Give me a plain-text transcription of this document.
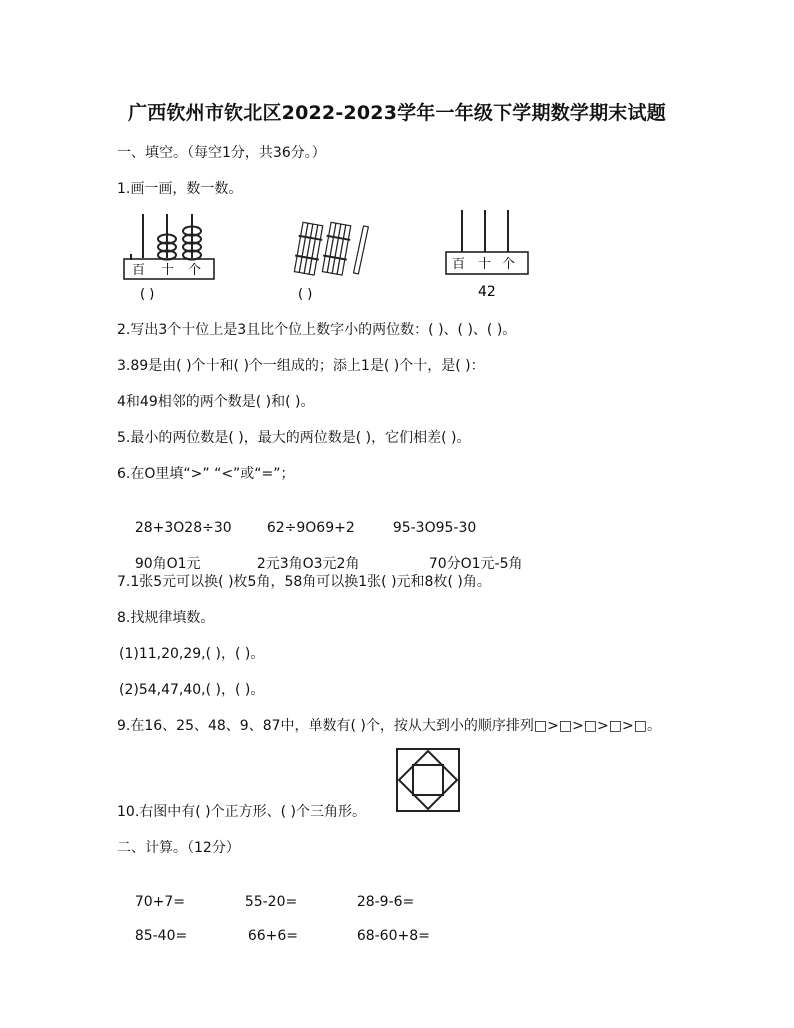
广西钦州市钦北区2022-2023学年一年级下学期数学期末试题
一、填空。（每空1分，共36分。）
1.画一画，数一数。
百 十 个
( )	( )
百 十 个
42
2.写出3个十位上是3且比个位上数字小的两位数：( )、( )、( )。
3.89是由( )个十和( )个一组成的；添上1是( )个十，是( )：
4和49相邻的两个数是( )和( )。
5.最小的两位数是( )，最大的两位数是( )，它们相差( )。
6.在O里填“>” “<”或“=”；

28+3O28÷30	62÷9O69+2	95-3O95-30

90角O1元	2元3角O3元2角	70分O1元-5角

7.1张5元可以换( )枚5角，58角可以换1张( )元和8枚( )角。
8.找规律填数。
(1)11,20,29,( )，( )。
(2)54,47,40,( )，( )。
9.在16、25、48、9、87中，单数有( )个，按从大到小的顺序排列□>□>□>□>□。
10.右图中有( )个正方形、( )个三角形。
二、计算。（12分）

70+7=	55-20=	28-9-6=

85-40=	66+6=	68-60+8=
